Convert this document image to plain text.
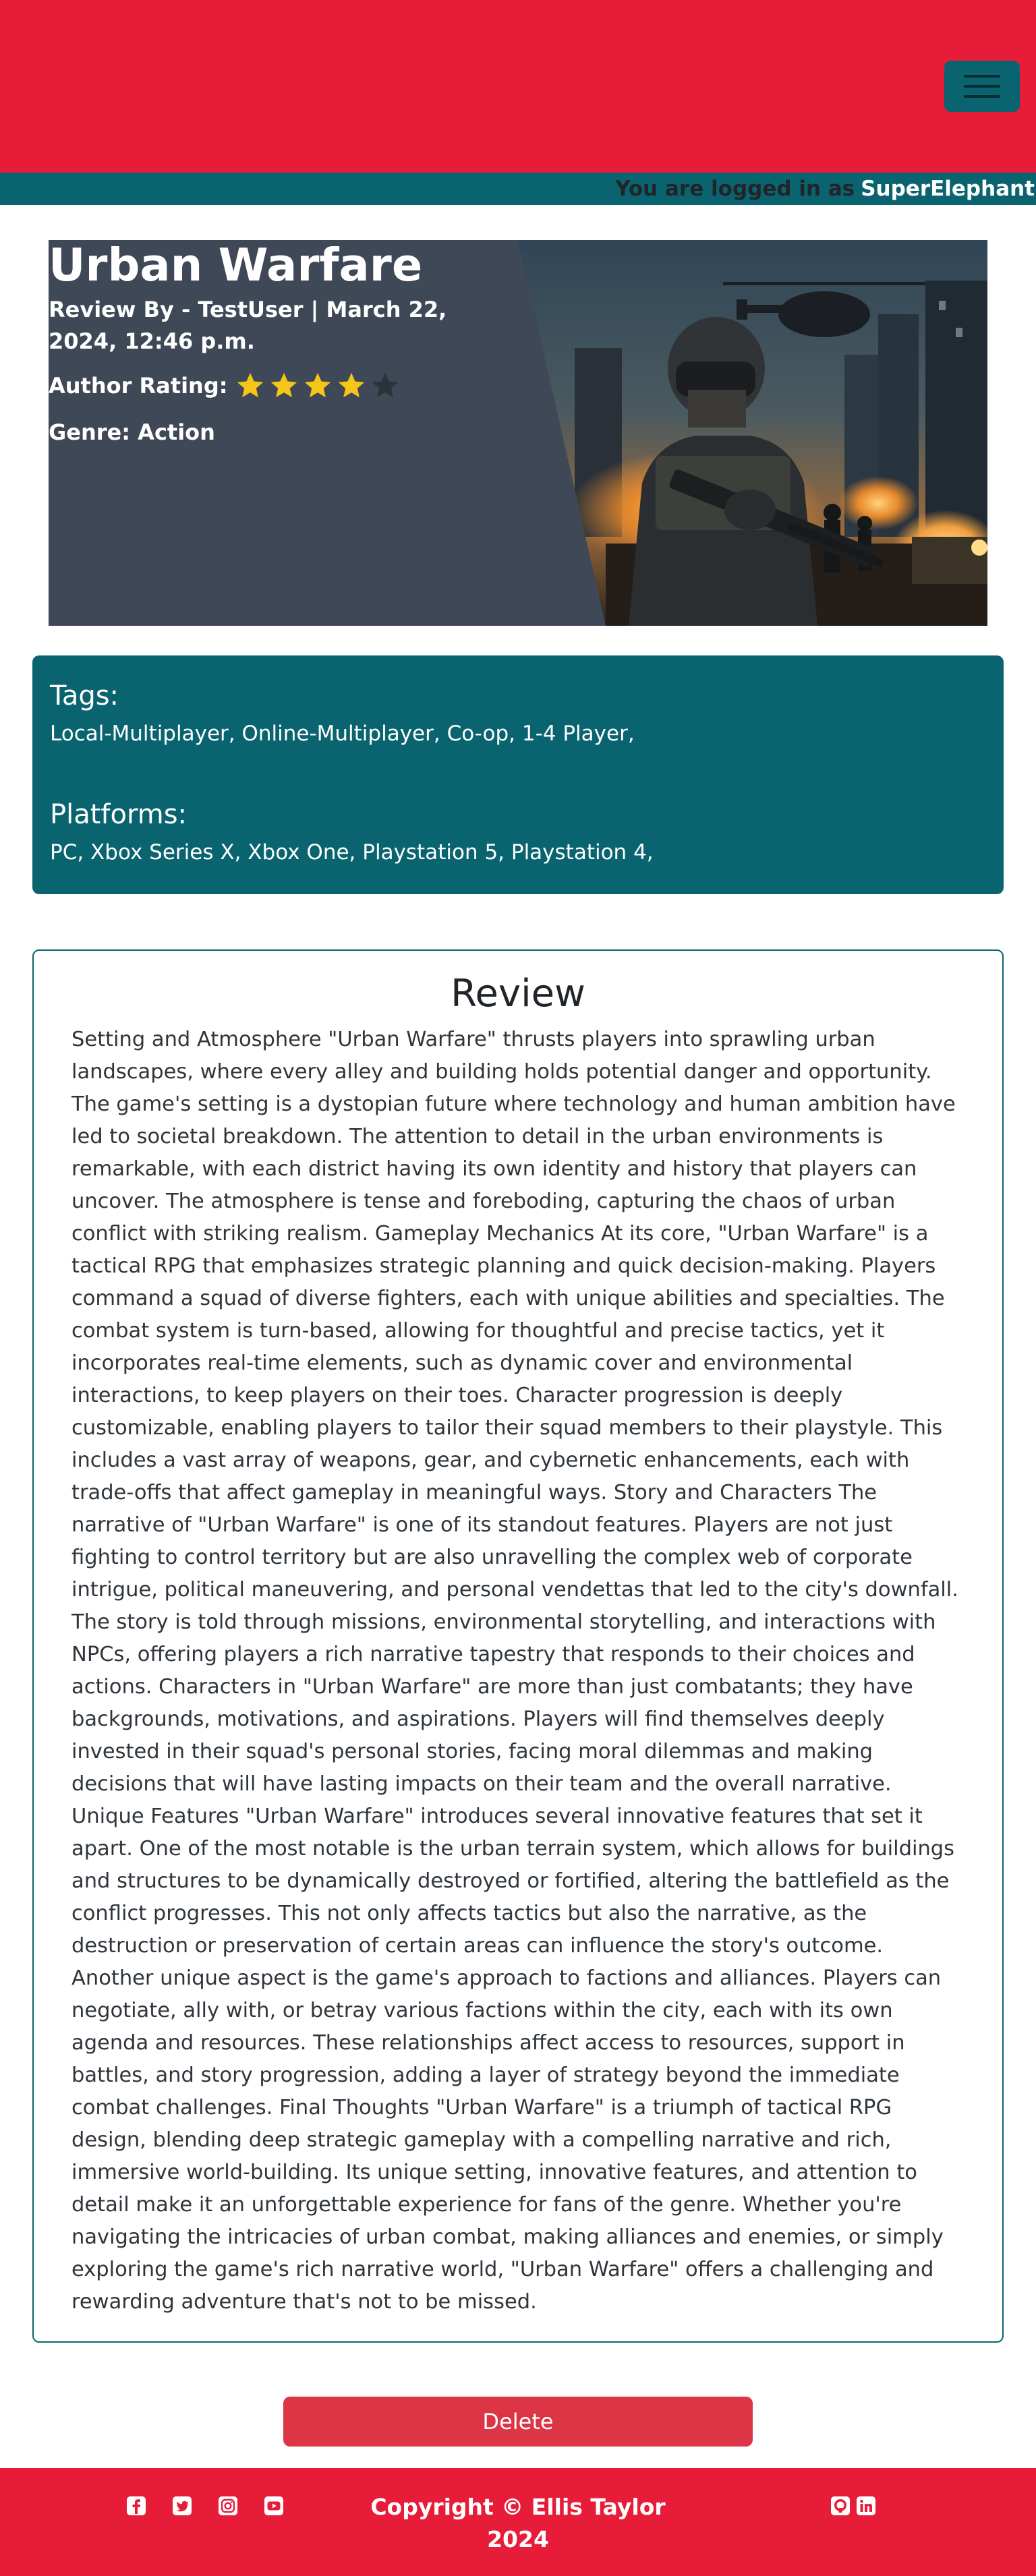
You are logged in as SuperElephant
Urban Warfare

Review By - TestUser | March 22, 2024, 12:46 p.m.

Author Rating:

Genre: Action

Tags:

Local-Multiplayer, Online-Multiplayer, Co-op, 1-4 Player,

Platforms:

PC, Xbox Series X, Xbox One, Playstation 5, Playstation 4,

Review

Setting and Atmosphere "Urban Warfare" thrusts players into sprawling urban landscapes, where every alley and building holds potential danger and opportunity. The game's setting is a dystopian future where technology and human ambition have led to societal breakdown. The attention to detail in the urban environments is remarkable, with each district having its own identity and history that players can uncover. The atmosphere is tense and foreboding, capturing the chaos of urban conflict with striking realism. Gameplay Mechanics At its core, "Urban Warfare" is a tactical RPG that emphasizes strategic planning and quick decision-making. Players command a squad of diverse fighters, each with unique abilities and specialties. The combat system is turn-based, allowing for thoughtful and precise tactics, yet it incorporates real-time elements, such as dynamic cover and environmental interactions, to keep players on their toes. Character progression is deeply customizable, enabling players to tailor their squad members to their playstyle. This includes a vast array of weapons, gear, and cybernetic enhancements, each with trade-offs that affect gameplay in meaningful ways. Story and Characters The narrative of "Urban Warfare" is one of its standout features. Players are not just fighting to control territory but are also unravelling the complex web of corporate intrigue, political maneuvering, and personal vendettas that led to the city's downfall. The story is told through missions, environmental storytelling, and interactions with NPCs, offering players a rich narrative tapestry that responds to their choices and actions. Characters in "Urban Warfare" are more than just combatants; they have backgrounds, motivations, and aspirations. Players will find themselves deeply invested in their squad's personal stories, facing moral dilemmas and making decisions that will have lasting impacts on their team and the overall narrative. Unique Features "Urban Warfare" introduces several innovative features that set it apart. One of the most notable is the urban terrain system, which allows for buildings and structures to be dynamically destroyed or fortified, altering the battlefield as the conflict progresses. This not only affects tactics but also the narrative, as the destruction or preservation of certain areas can influence the story's outcome. Another unique aspect is the game's approach to factions and alliances. Players can negotiate, ally with, or betray various factions within the city, each with its own agenda and resources. These relationships affect access to resources, support in battles, and story progression, adding a layer of strategy beyond the immediate combat challenges. Final Thoughts "Urban Warfare" is a triumph of tactical RPG design, blending deep strategic gameplay with a compelling narrative and rich, immersive world-building. Its unique setting, innovative features, and attention to detail make it an unforgettable experience for fans of the genre. Whether you're navigating the intricacies of urban combat, making alliances and enemies, or simply exploring the game's rich narrative world, "Urban Warfare" offers a challenging and rewarding adventure that's not to be missed.

Delete

Copyright © Ellis Taylor 2024
